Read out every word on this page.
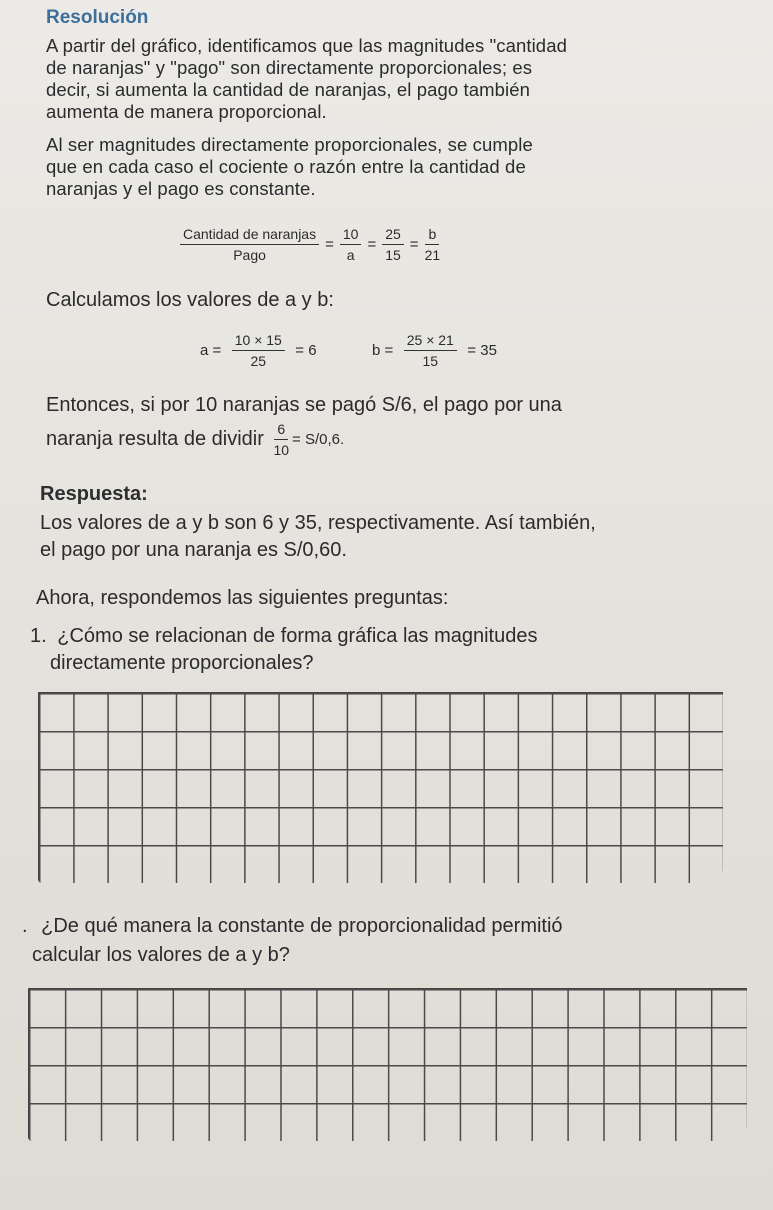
Resolución
A partir del gráfico, identificamos que las magnitudes "cantidad
de naranjas" y "pago" son directamente proporcionales; es
decir, si aumenta la cantidad de naranjas, el pago también
aumenta de manera proporcional.
Al ser magnitudes directamente proporcionales, se cumple
que en cada caso el cociente o razón entre la cantidad de
naranjas y el pago es constante.
$\frac{\text{Cantidad de naranjas}}{\text{Pago}} = \frac{10}{a} = \frac{25}{15} = \frac{b}{21}$
Calculamos los valores de a y b:
$a = \frac{10 \times 15}{25} = 6$	$b = \frac{25 \times 21}{15} = 35$
Entonces, si por 10 naranjas se pagó S/6, el pago por una
naranja resulta de dividir $\frac{6}{10} = S/0,6$.
Respuesta:
Los valores de a y b son 6 y 35, respectivamente. Así también,
el pago por una naranja es S/0,60.
Ahora, respondemos las siguientes preguntas:
1. ¿Cómo se relacionan de forma gráfica las magnitudes
directamente proporcionales?
. ¿De qué manera la constante de proporcionalidad permitió
calcular los valores de a y b?
